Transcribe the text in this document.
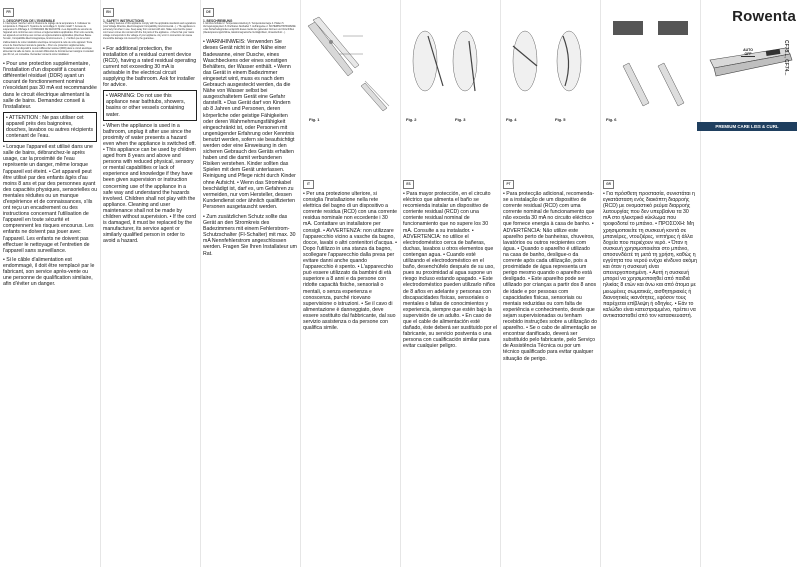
FR

1. DESCRIPTION DE L'ENSEMBLE

1. Interrupteur marche / arrêt 2. Boutons de réglage de la température 3. Indicateur de température 4. Plaques 5. Système de verrouillage 6. Cordon rotatif 7. Anneau de suspension 8. Affichage 2. CONSIGNES DE SÉCURITÉ • Les dispositifs de sécurité de l'appareil sont conformes aux normes et réglementations applicables. Pour votre sécurité, cet appareil est conforme aux normes et réglementations applicables (directives Basse Tension, Compatibilité Électromagnétique, Environnement...). • Vérifiez que la tension d'alimentation de votre installation électrique correspond à celle de votre appareil. Toute erreur de branchement annule la garantie. • Pour une protection supplémentaire, l'installation d'un dispositif à courant différentiel résiduel (DDR) dans le circuit électrique alimentant la salle de bains, de courant différentiel de fonctionnement assigné n'excédant pas 30 mA, est conseillée. Demandez conseil à votre installateur.
• Pour une protection supplémentaire, l'installation d'un dispositif à courant différentiel résiduel (DDR) ayant un courant de fonctionnement nominal n'excédant pas 30 mA est recommandée dans le circuit électrique alimentant la salle de bains. Demandez conseil à l'installateur.
• ATTENTION : Ne pas utiliser cet appareil près des baignoires, douches, lavabos ou autres récipients contenant de l'eau.
• Lorsque l'appareil est utilisé dans une salle de bains, débranchez-le après usage, car la proximité de l'eau représente un danger, même lorsque l'appareil est éteint. • Cet appareil peut être utilisé par des enfants âgés d'au moins 8 ans et par des personnes ayant des capacités physiques, sensorielles ou mentales réduites ou un manque d'expérience et de connaissances, s'ils ont reçu un encadrement ou des instructions concernant l'utilisation de l'appareil en toute sécurité et comprennent les risques encourus. Les enfants ne doivent pas jouer avec l'appareil. Les enfants ne doivent pas effectuer le nettoyage et l'entretien de l'appareil sans surveillance.
• Si le câble d'alimentation est endommagé, il doit être remplacé par le fabricant, son service après-vente ou une personne de qualification similaire, afin d'éviter un danger.
EN

1. SAFETY INSTRUCTIONS

• The safety features of this appliance comply with the applicable standards and regulations (Low Voltage Directive, Electromagnetic Compatibility, Environmental...). • The appliance is extremely hot when in use. Keep away from contact with skin. Make sure that the power cord never comes into contact with the hot parts of the appliance. • Check that your mains voltage corresponds to the voltage of your appliance. Any error in connection can cause irreversible damage not covered by the guarantee.
• For additional protection, the installation of a residual current device (RCD), having a rated residual operating current not exceeding 30 mA is advisable in the electrical circuit supplying the bathroom. Ask for installer for advice.
• WARNING: Do not use this appliance near bathtubs, showers, basins or other vessels containing water.
• When the appliance is used in a bathroom, unplug it after use since the proximity of water presents a hazard even when the appliance is switched off. • This appliance can be used by children aged from 8 years and above and persons with reduced physical, sensory or mental capabilities or lack of experience and knowledge if they have been given supervision or instruction concerning use of the appliance in a safe way and understand the hazards involved. Children shall not play with the appliance. Cleaning and user maintenance shall not be made by children without supervision. • If the cord is damaged, it must be replaced by the manufacturer, its service agent or similarly qualified person in order to avoid a hazard.
DE

1. BESCHREIBUNG

1. Ein/Aus-Schalter 2. Temperatureinstellung 3. Temperaturanzeige 4. Platten 5. Verriegelungssystem 6. Drehbares Netzkabel 7. Aufhängeöse 2. SICHERHEITSHINWEISE • Aus Sicherheitsgründen entspricht dieses Gerät den geltenden Normen und Vorschriften (Niederspannungsrichtlinie, Elektromagnetische Verträglichkeit, Umweltschutz...).
• WARNHINWEIS: Verwenden Sie dieses Gerät nicht in der Nähe einer Badewanne, einer Dusche, eines Waschbeckens oder eines sonstigen Behälters, der Wasser enthält. • Wenn das Gerät in einem Badezimmer eingesetzt wird, muss es nach dem Gebrauch ausgesteckt werden, da die Nähe von Wasser selbst bei ausgeschaltetem Gerät eine Gefahr darstellt. • Das Gerät darf von Kindern ab 8 Jahren und Personen, deren körperliche oder geistige Fähigkeiten oder deren Wahrnehmungsfähigkeit eingeschränkt ist, oder Personen mit ungenügender Erfahrung oder Kenntnis benutzt werden, sofern sie beaufsichtigt werden oder eine Einweisung in den sicheren Gebrauch des Geräts erhalten haben und die damit verbundenen Risiken verstehen. Kinder sollten das Spielen mit dem Gerät unterlassen. Reinigung und Pflege nicht durch Kinder ohne Aufsicht. • Wenn das Stromkabel beschädigt ist, darf es, um Gefahren zu vermeiden, nur vom Hersteller, dessen Kundendienst oder ähnlich qualifizierten Personen ausgetauscht werden.
• Zum zusätzlichen Schutz sollte das Gerät an den Stromkreis des Badezimmers mit einem Fehlerstrom-Schutzschalter (FI-Schalter) mit max. 30 mA Nennfehlerstrom angeschlossen werden. Fragen Sie Ihren Installateur um Rat.
Fig. 1
IT
• Per una protezione ulteriore, si consiglia l'installazione nella rete elettrica del bagno di un dispositivo a corrente residua (RCD) con una corrente residua nominale non eccedente i 30 mA. Contattare un installatore per consigli. • AVVERTENZA: non utilizzare l'apparecchio vicino a vasche da bagno, docce, lavabi o altri contenitori d'acqua. • Dopo l'utilizzo in una stanza da bagno, scollegare l'apparecchio dalla presa per evitare danni anche quando l'apparecchio è spento. • L'apparecchio può essere utilizzato da bambini di età superiore a 8 anni e da persone con ridotte capacità fisiche, sensoriali o mentali, o senza esperienza e conoscenza, purché ricevano supervisione o istruzioni. • Se il cavo di alimentazione è danneggiato, deve essere sostituito dal fabbricante, dal suo servizio assistenza o da persone con qualifica simile.
Fig. 2	Fig. 3
ES
• Para mayor protección, en el circuito eléctrico que alimenta el baño se recomienda instalar un dispositivo de corriente residual (RCD) con una corriente residual nominal de funcionamiento que no supere los 30 mA. Consulte a su instalador. • ADVERTENCIA: no utilice el electrodoméstico cerca de bañeras, duchas, lavabos u otros elementos que contengan agua. • Cuando esté utilizando el electrodoméstico en el baño, desenchúfelo después de su uso, pues su proximidad al agua supone un riesgo incluso estando apagado. • Este electrodoméstico pueden utilizarlo niños de 8 años en adelante y personas con discapacidades físicas, sensoriales o mentales o faltas de conocimientos y experiencia, siempre que estén bajo la supervisión de un adulto. • En caso de que el cable de alimentación esté dañado, éste deberá ser sustituido por el fabricante, su servicio postventa o una persona con cualificación similar para evitar cualquier peligro.
Fig. 4	Fig. 5
PT
• Para protecção adicional, recomenda-se a instalação de um dispositivo de corrente residual (RCD) com uma corrente nominal de funcionamento que não exceda 30 mA no circuito eléctrico que fornece energia à casa de banho. • ADVERTÊNCIA: Não utilize este aparelho perto de banheiras, chuveiros, lavatórios ou outros recipientes com água. • Quando o aparelho é utilizado na casa de banho, desligue-o da corrente após cada utilização, pois a proximidade de água representa um perigo mesmo quando o aparelho está desligado. • Este aparelho pode ser utilizado por crianças a partir dos 8 anos de idade e por pessoas com capacidades físicas, sensoriais ou mentais reduzidas ou com falta de experiência e conhecimento, desde que sejam supervisionadas ou tenham recebido instruções sobre a utilização do aparelho. • Se o cabo de alimentação se encontrar danificado, deverá ser substituído pelo fabricante, pelo Serviço de Assistência Técnica ou por um técnico qualificado para evitar qualquer situação de perigo.
Fig. 6
GR
• Για πρόσθετη προστασία, συνιστάται η εγκατάσταση ενός διακόπτη διαρροής (RCD) με ονομαστικό ρεύμα διαρροής λειτουργίας που δεν υπερβαίνει τα 30 mA στο ηλεκτρικό κύκλωμα που τροφοδοτεί το μπάνιο. • ΠΡΟΣΟΧΗ: Μη χρησιμοποιείτε τη συσκευή κοντά σε μπανιέρες, ντουζιέρες, νιπτήρες ή άλλα δοχεία που περιέχουν νερό. • Όταν η συσκευή χρησιμοποιείται στο μπάνιο, αποσυνδέετέ τη μετά τη χρήση, καθώς η εγγύτητα του νερού ενέχει κίνδυνο ακόμη και όταν η συσκευή είναι απενεργοποιημένη. • Αυτή η συσκευή μπορεί να χρησιμοποιηθεί από παιδιά ηλικίας 8 ετών και άνω και από άτομα με μειωμένες σωματικές, αισθητηριακές ή διανοητικές ικανότητες, εφόσον τους παρέχεται επίβλεψη ή οδηγίες. • Εάν το καλώδιο είναι κατεστραμμένο, πρέπει να αντικατασταθεί από τον κατασκευαστή.
Rowenta
AUTO OFF	CF73..., CF74...
PREMIUM CARE LISS & CURL
